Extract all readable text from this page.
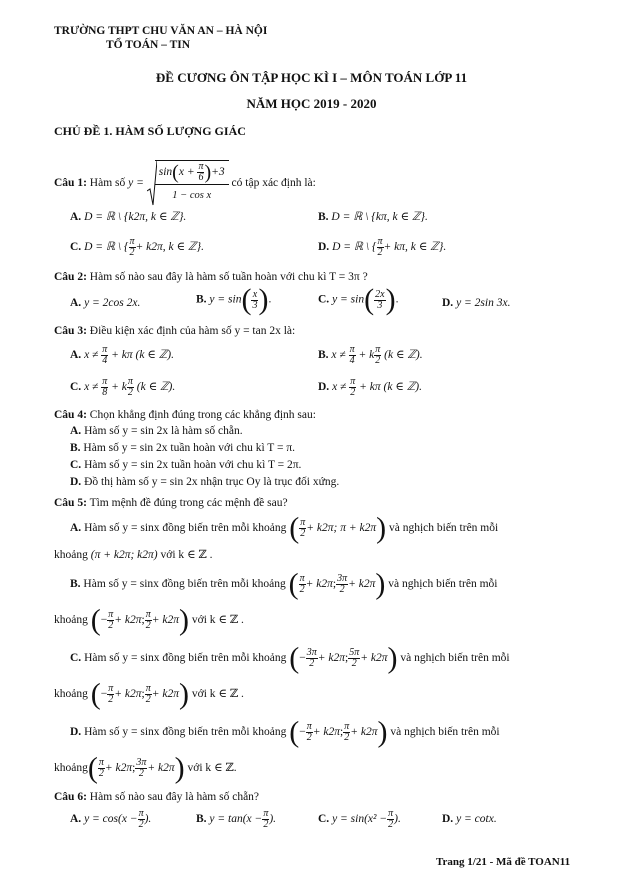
TRƯỜNG THPT CHU VĂN AN – HÀ NỘI
TỔ TOÁN – TIN
ĐỀ CƯƠNG ÔN TẬP HỌC KÌ I – MÔN TOÁN LỚP 11
NĂM HỌC 2019 - 2020
CHỦ ĐỀ 1. HÀM SỐ LƯỢNG GIÁC
Câu 1: Hàm số $y = \frac{\sin(x + \frac{\pi}{6} )+3}{\text{1 − cos x}}$ có tập xác định là:
A. D = ℝ \ {k2π, k ∈ ℤ}.	B. D = ℝ \ {kπ, k ∈ ℤ}.
C. D = ℝ \ { $\frac{\pi}{2} + k2\pi$, k ∈ ℤ}.	D. D = ℝ \ { $\frac{\pi}{2} + k\pi$, k ∈ ℤ}.
Câu 2: Hàm số nào sau đây là hàm số tuần hoàn với chu kì T = 3π ?
A. y = 2cos 2x.	B. $y = \sin( \frac{x}{3}$ ).	C. $y = \sin( \frac{2x}{3}$ ).	D. y = 2sin 3x.
Câu 3: Điều kiện xác định của hàm số y = tan 2x là:
A. $x \ne \frac{\pi}{4} + k\pi$ (k ∈ ℤ).	B. $x \ne \frac{\pi}{4} + k \frac{\pi}{2} (k$ ∈ ℤ).
C. $x \ne \frac{\pi}{8} + k \frac{\pi}{2} (k$ ∈ ℤ).	D. $x \ne \frac{\pi}{2} + k\pi$ (k ∈ ℤ).
Câu 4: Chọn khẳng định đúng trong các khẳng định sau:
A. Hàm số y = sin 2x là hàm số chẵn.
B. Hàm số y = sin 2x tuần hoàn với chu kì T = π.
C. Hàm số y = sin 2x tuần hoàn với chu kì T = 2π.
D. Đồ thị hàm số y = sin 2x nhận trục Oy là trục đối xứng.
Câu 5: Tìm mệnh đề đúng trong các mệnh đề sau?
A. Hàm số y = sinx đồng biến trên mỗi khoảng ( $\frac{\pi}{2} + k2\pi$; π + k2π) và nghịch biến trên mỗi
khoảng (π + k2π; k2π) với k ∈ ℤ .
B. Hàm số y = sinx đồng biến trên mỗi khoảng ( $\frac{\pi}{2} + k2\pi$; $\frac{3\pi}{2} + k2\pi$) và nghịch biến trên mỗi
khoảng (− $\frac{\pi}{2} + k2\pi$; $\frac{\pi}{2} + k2\pi$) với k ∈ ℤ .
C. Hàm số y = sinx đồng biến trên mỗi khoảng (− $\frac{3\pi}{2} + k2\pi$; $\frac{5\pi}{2} + k2\pi$) và nghịch biến trên mỗi
khoảng (− $\frac{\pi}{2} + k2\pi$; $\frac{\pi}{2} + k2\pi$) với k ∈ ℤ .
D. Hàm số y = sinx đồng biến trên mỗi khoảng (− $\frac{\pi}{2} + k2\pi$; $\frac{\pi}{2} + k2\pi$) và nghịch biến trên mỗi
khoảng( $\frac{\pi}{2} + k2\pi$; $\frac{3\pi}{2} + k2\pi$) với k ∈ ℤ.
Câu 6: Hàm số nào sau đây là hàm số chẵn?
A. $y = \cos(x - \frac{\pi}{2}$ ).	B. $y = \tan(x - \frac{\pi}{2}$ ).	C. $y = \sin(x^2 - \frac{\pi}{2}$ ).	D. y = cotx.
Trang 1/21 - Mã đề TOAN11
